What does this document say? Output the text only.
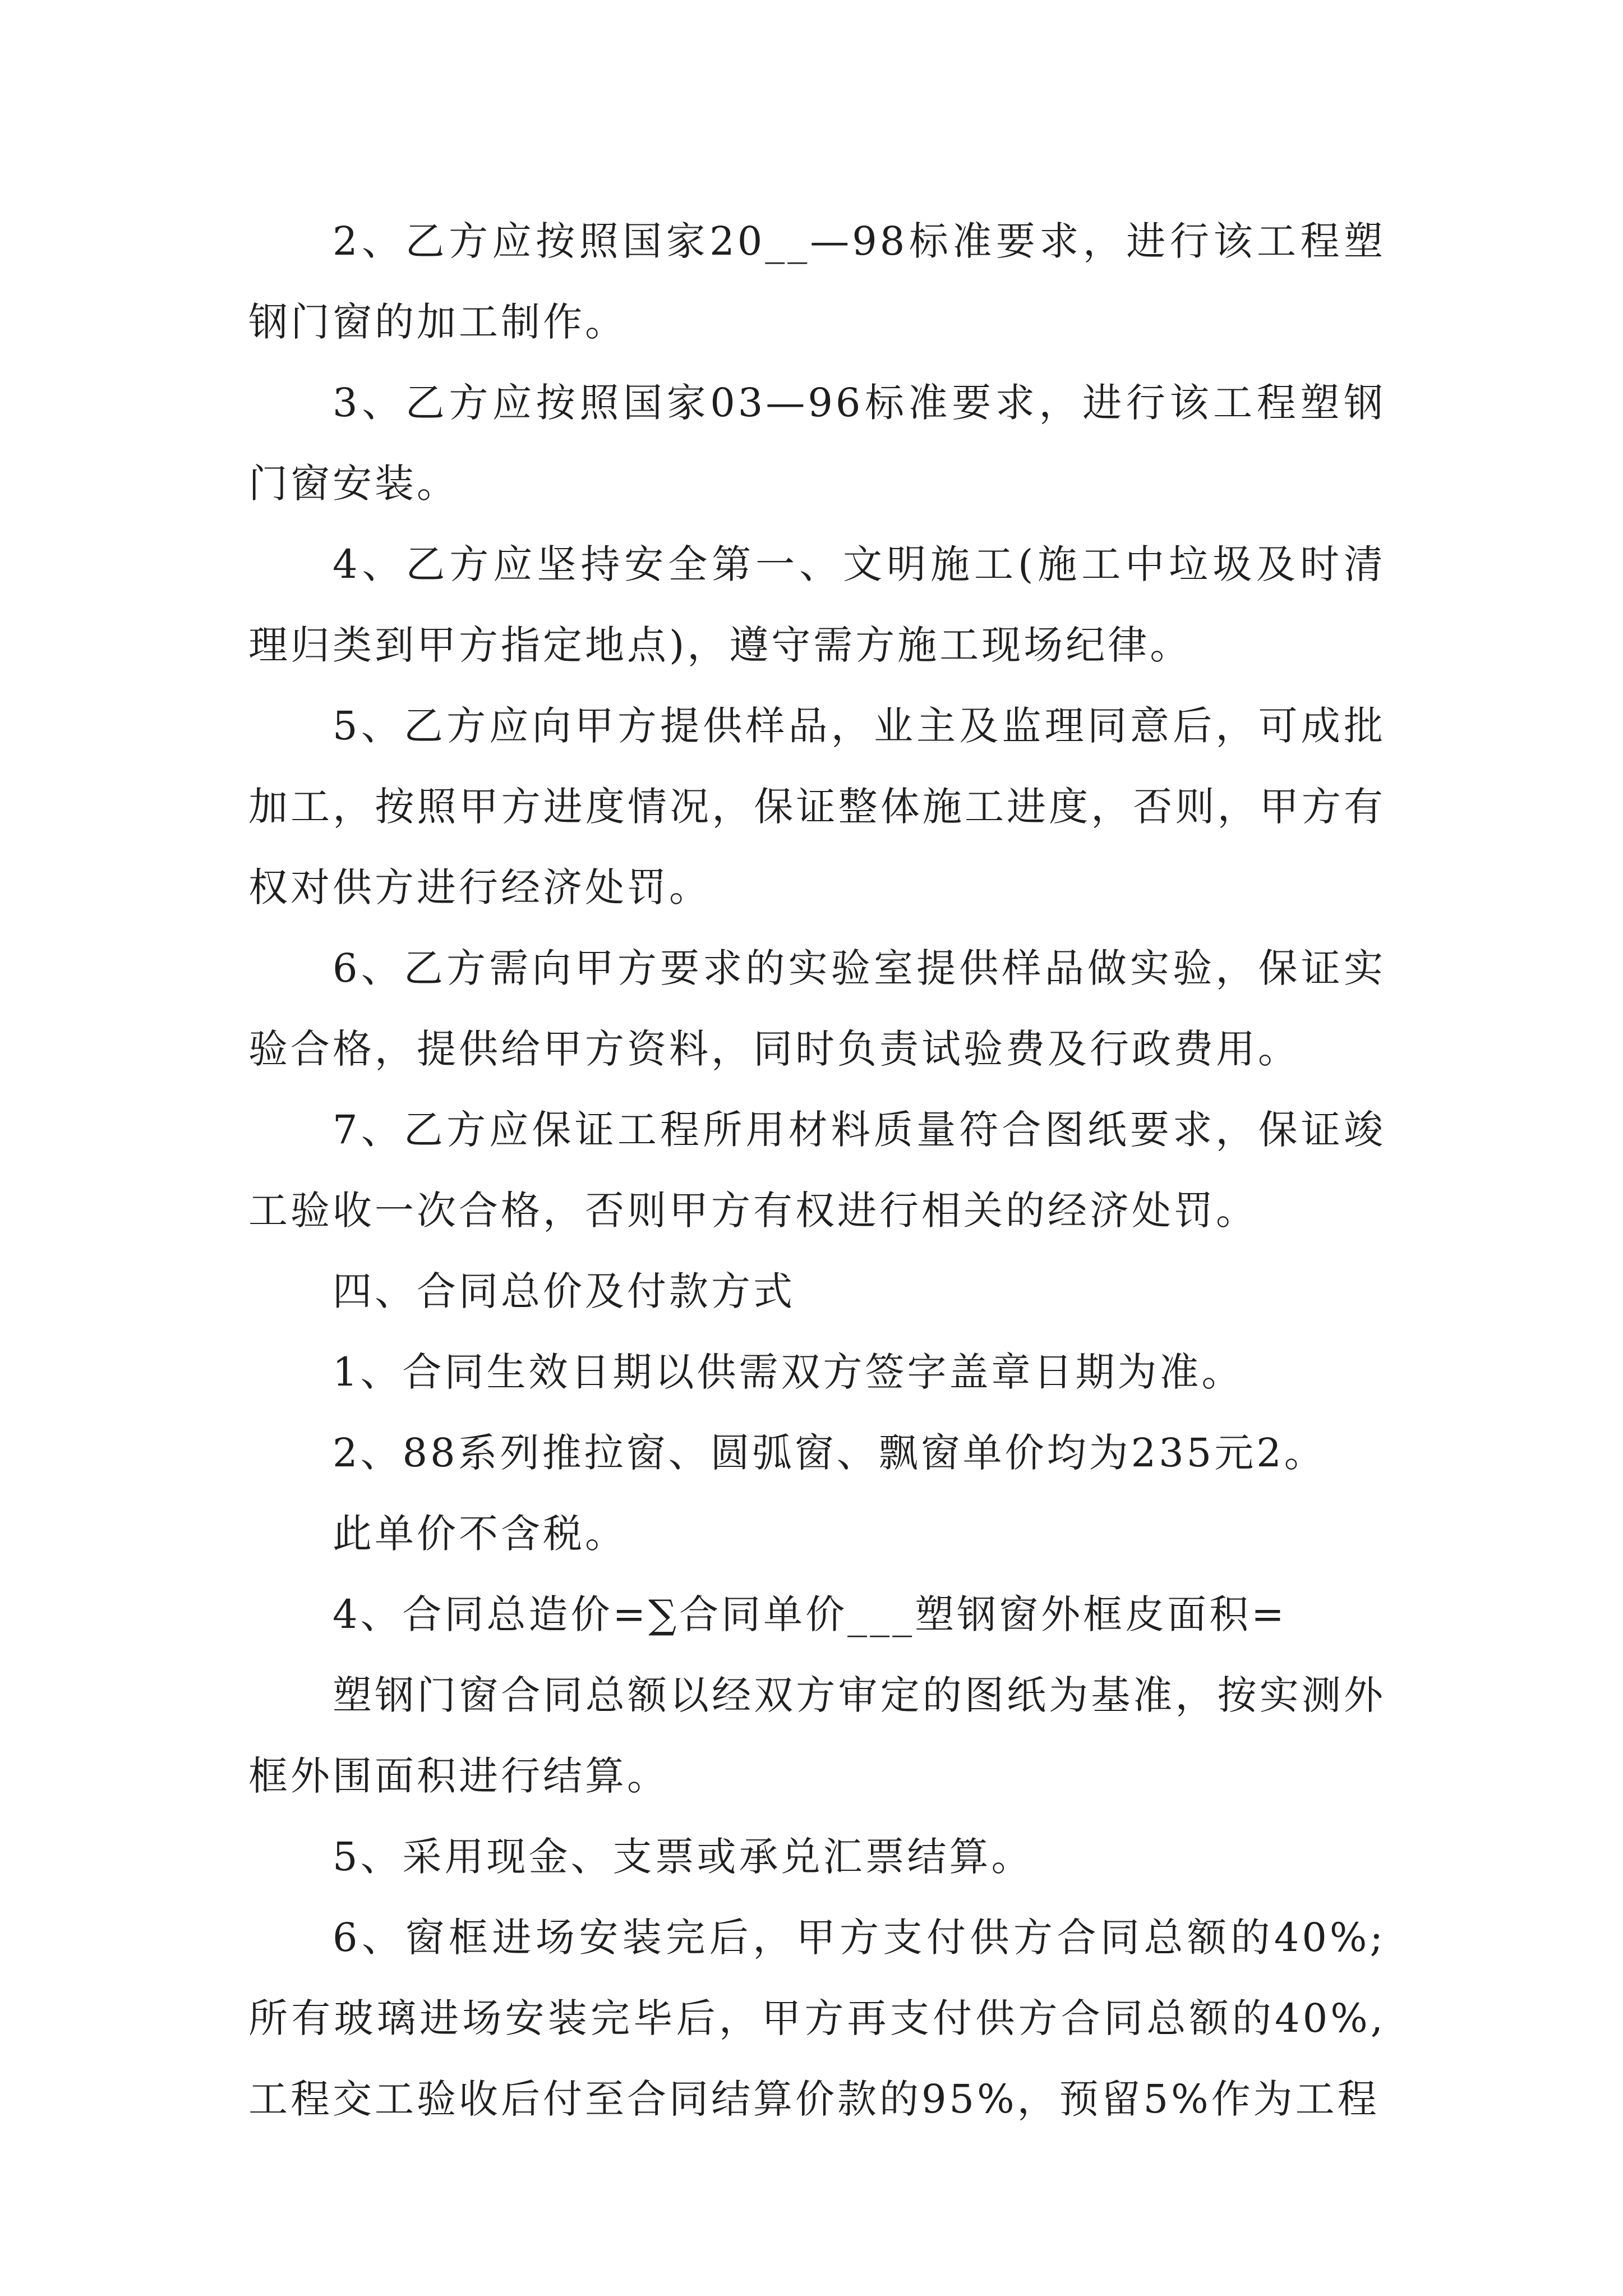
2、乙方应按照国家20__—98标准要求，进行该工程塑钢门窗的加工制作。

3、乙方应按照国家03—96标准要求，进行该工程塑钢门窗安装。

4、乙方应坚持安全第一、文明施工(施工中垃圾及时清理归类到甲方指定地点)，遵守需方施工现场纪律。

5、乙方应向甲方提供样品，业主及监理同意后，可成批加工，按照甲方进度情况，保证整体施工进度，否则，甲方有权对供方进行经济处罚。

6、乙方需向甲方要求的实验室提供样品做实验，保证实验合格，提供给甲方资料，同时负责试验费及行政费用。

7、乙方应保证工程所用材料质量符合图纸要求，保证竣工验收一次合格，否则甲方有权进行相关的经济处罚。

四、合同总价及付款方式

1、合同生效日期以供需双方签字盖章日期为准。

2、88系列推拉窗、圆弧窗、飘窗单价均为235元2。

此单价不含税。

4、合同总造价=∑合同单价___塑钢窗外框皮面积=

塑钢门窗合同总额以经双方审定的图纸为基准，按实测外框外围面积进行结算。

5、采用现金、支票或承兑汇票结算。

6、窗框进场安装完后，甲方支付供方合同总额的40%;所有玻璃进场安装完毕后，甲方再支付供方合同总额的40%,工程交工验收后付至合同结算价款的95%，预留5%作为工程
